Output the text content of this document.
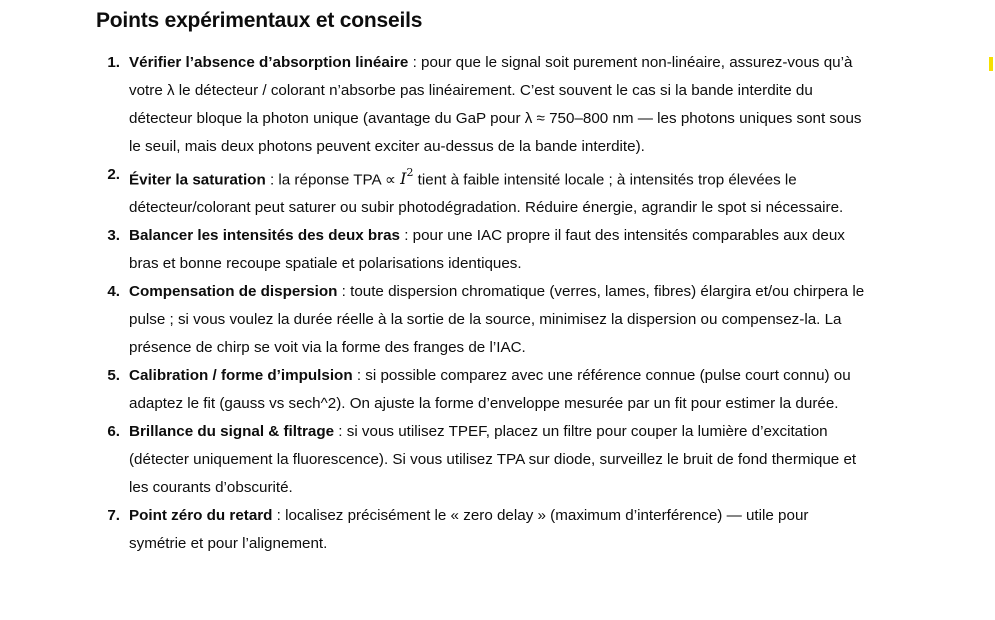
Points expérimentaux et conseils
1. Vérifier l’absence d’absorption linéaire : pour que le signal soit purement non-linéaire, assurez-vous qu’à votre λ le détecteur / colorant n’absorbe pas linéairement. C’est souvent le cas si la bande interdite du détecteur bloque la photon unique (avantage du GaP pour λ ≈ 750–800 nm — les photons uniques sont sous le seuil, mais deux photons peuvent exciter au-dessus de la bande interdite).
2. Éviter la saturation : la réponse TPA ∝ $I^2$ tient à faible intensité locale ; à intensités trop élevées le détecteur/colorant peut saturer ou subir photodégradation. Réduire énergie, agrandir le spot si nécessaire.
3. Balancer les intensités des deux bras : pour une IAC propre il faut des intensités comparables aux deux bras et bonne recoupe spatiale et polarisations identiques.
4. Compensation de dispersion : toute dispersion chromatique (verres, lames, fibres) élargira et/ou chirpera le pulse ; si vous voulez la durée réelle à la sortie de la source, minimisez la dispersion ou compensez-la. La présence de chirp se voit via la forme des franges de l’IAC.
5. Calibration / forme d’impulsion : si possible comparez avec une référence connue (pulse court connu) ou adaptez le fit (gauss vs sech^2). On ajuste la forme d’enveloppe mesurée par un fit pour estimer la durée.
6. Brillance du signal & filtrage : si vous utilisez TPEF, placez un filtre pour couper la lumière d’excitation (détecter uniquement la fluorescence). Si vous utilisez TPA sur diode, surveillez le bruit de fond thermique et les courants d’obscurité.
7. Point zéro du retard : localisez précisément le « zero delay » (maximum d’interférence) — utile pour symétrie et pour l’alignement.
